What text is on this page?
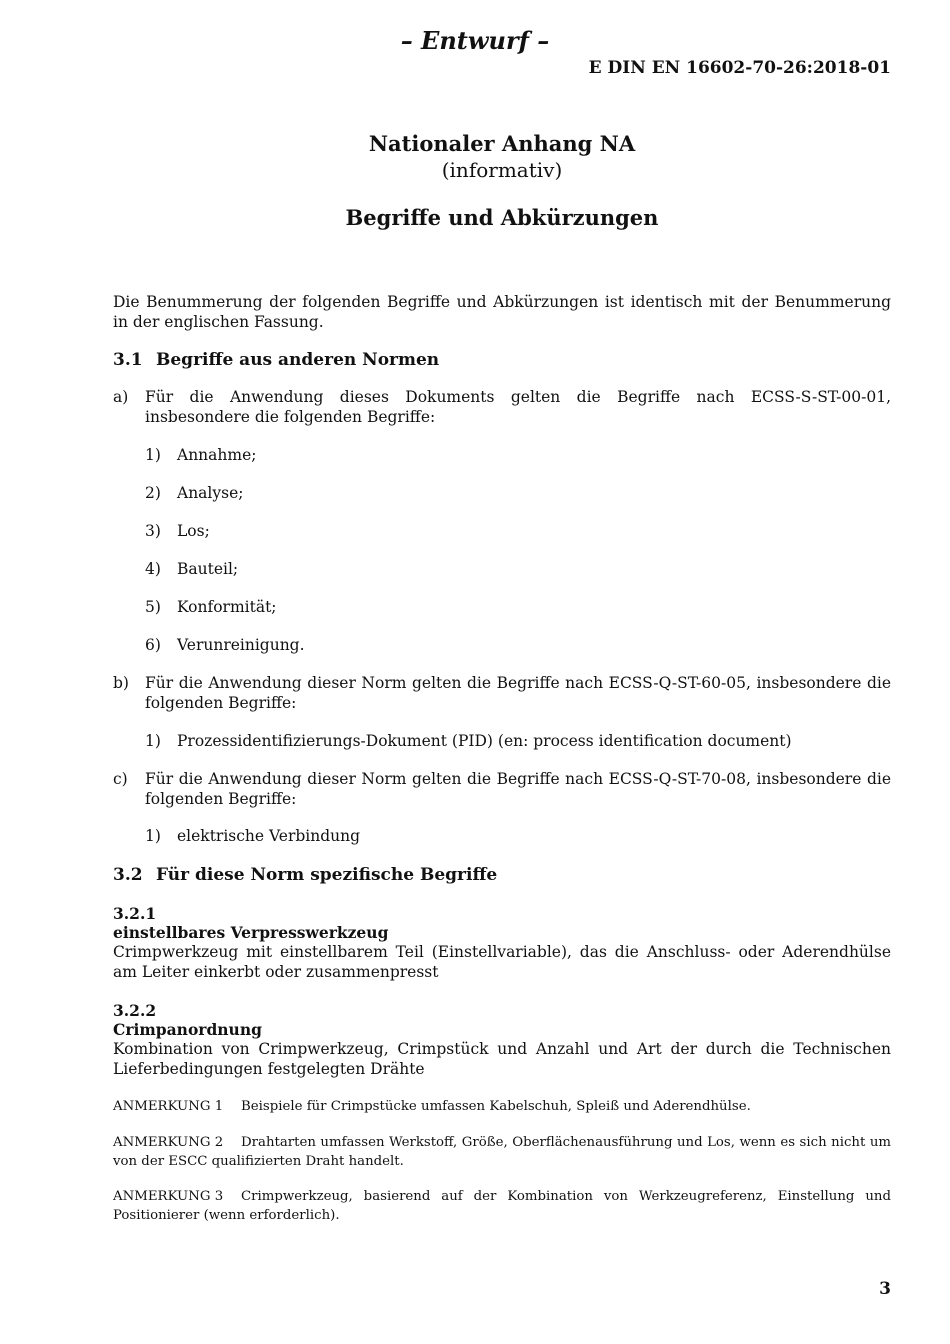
– Entwurf –
E DIN EN 16602-70-26:2018-01
Nationaler Anhang NA
(informativ)
Begriffe und Abkürzungen
Die Benummerung der folgenden Begriffe und Abkürzungen ist identisch mit der Benummerung in der englischen Fassung.
3.1 Begriffe aus anderen Normen
a) Für die Anwendung dieses Dokuments gelten die Begriffe nach ECSS-S-ST-00-01, insbesondere die folgenden Begriffe:
1) Annahme;
2) Analyse;
3) Los;
4) Bauteil;
5) Konformität;
6) Verunreinigung.
b) Für die Anwendung dieser Norm gelten die Begriffe nach ECSS-Q-ST-60-05, insbesondere die folgenden Begriffe:
1) Prozessidentifizierungs-Dokument (PID) (en: process identification document)
c) Für die Anwendung dieser Norm gelten die Begriffe nach ECSS-Q-ST-70-08, insbesondere die folgenden Begriffe:
1) elektrische Verbindung
3.2 Für diese Norm spezifische Begriffe
3.2.1
einstellbares Verpresswerkzeug
Crimpwerkzeug mit einstellbarem Teil (Einstellvariable), das die Anschluss- oder Aderendhülse am Leiter einkerbt oder zusammenpresst
3.2.2
Crimpanordnung
Kombination von Crimpwerkzeug, Crimpstück und Anzahl und Art der durch die Technischen Lieferbedingungen festgelegten Drähte
ANMERKUNG 1 Beispiele für Crimpstücke umfassen Kabelschuh, Spleiß und Aderendhülse.
ANMERKUNG 2 Drahtarten umfassen Werkstoff, Größe, Oberflächenausführung und Los, wenn es sich nicht um von der ESCC qualifizierten Draht handelt.
ANMERKUNG 3 Crimpwerkzeug, basierend auf der Kombination von Werkzeugreferenz, Einstellung und Positionierer (wenn erforderlich).
3
